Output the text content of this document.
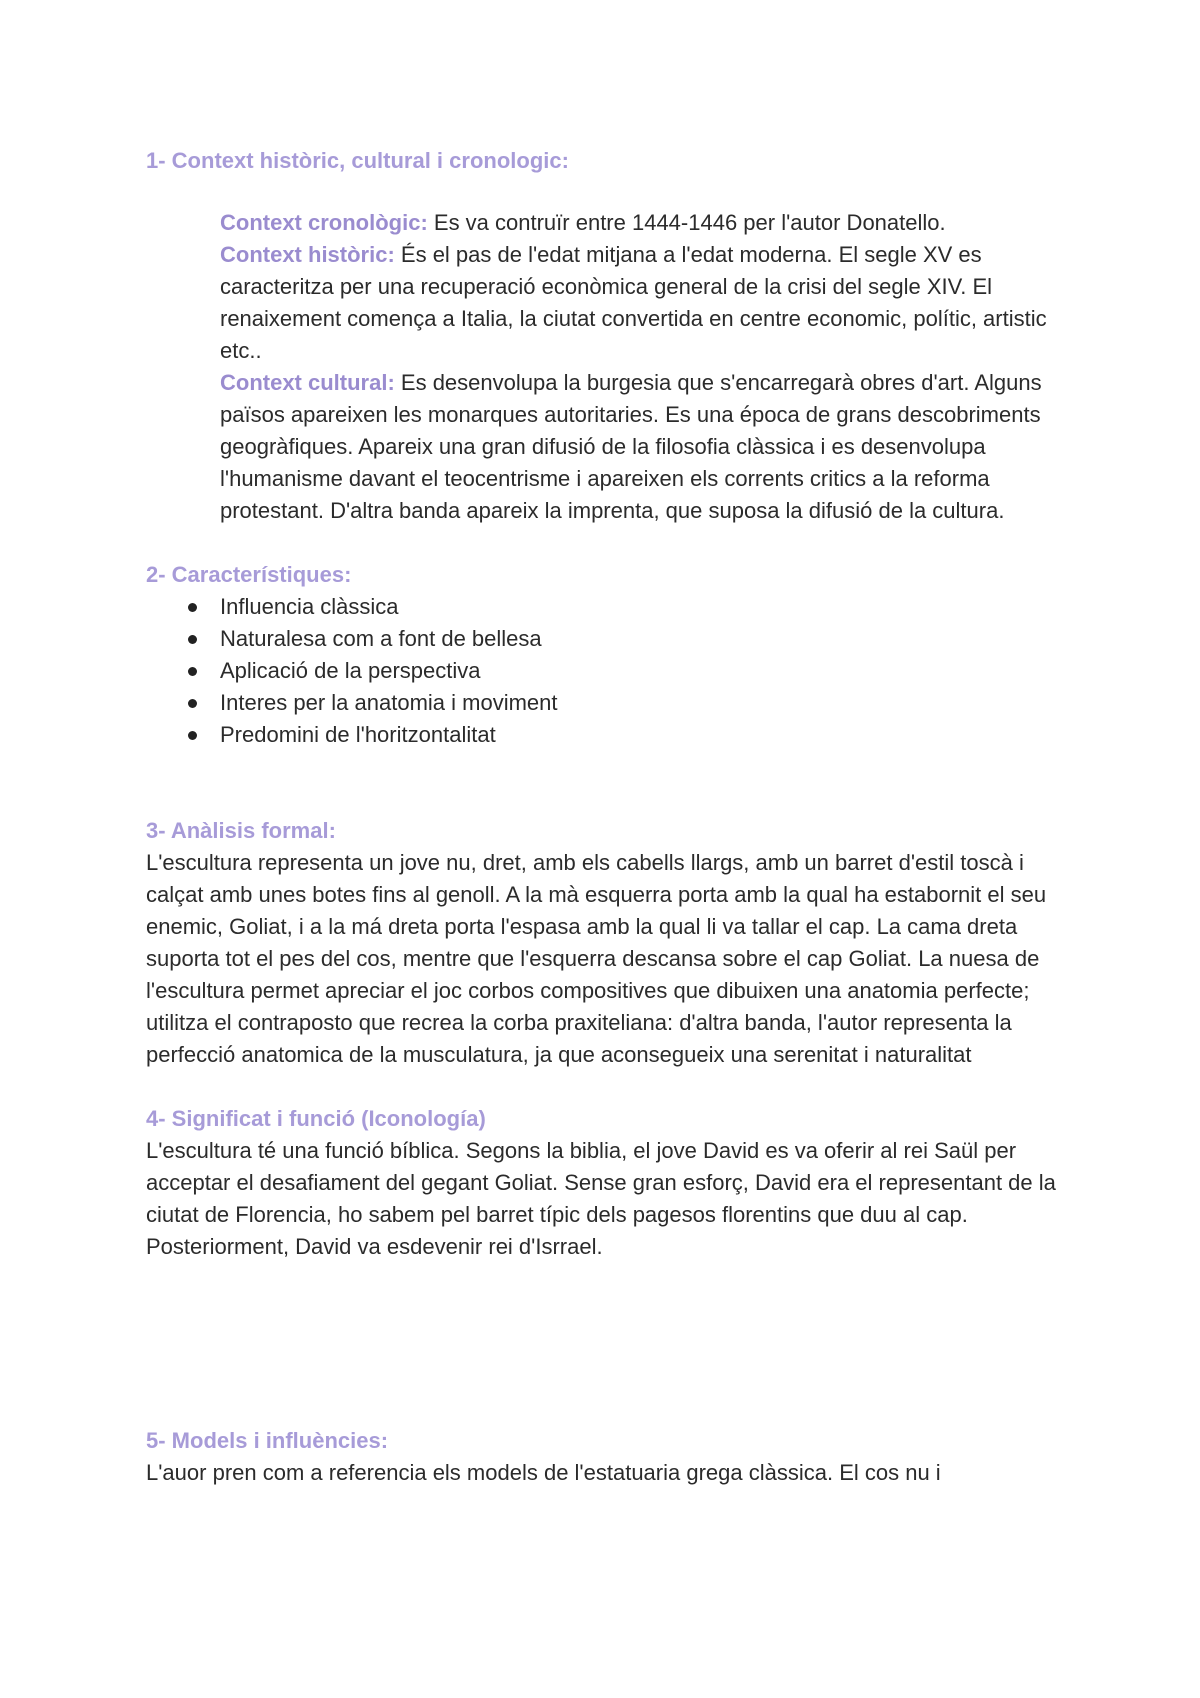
1- Context històric, cultural i cronologic:

Context cronològic: Es va contruïr entre 1444-1446 per l'autor Donatello.

Context històric: És el pas de l'edat mitjana a l'edat moderna. El segle XV es caracteritza per una recuperació econòmica general de la crisi del segle XIV. El renaixement comença a Italia, la ciutat convertida en centre economic, polític, artistic etc..

Context cultural: Es desenvolupa la burgesia que s'encarregarà obres d'art. Alguns països apareixen les monarques autoritaries. Es una época de grans descobriments geogràfiques. Apareix una gran difusió de la filosofia clàssica i es desenvolupa l'humanisme davant el teocentrisme i apareixen els corrents critics a la reforma protestant. D'altra banda apareix la imprenta, que suposa la difusió de la cultura.

2- Característiques:

Influencia clàssica
Naturalesa com a font de bellesa
Aplicació de la perspectiva
Interes per la anatomia i moviment
Predomini de l'horitzontalitat

3- Anàlisis formal:

L'escultura representa un jove nu, dret, amb els cabells llargs, amb un barret d'estil toscà i calçat amb unes botes fins al genoll. A la mà esquerra porta amb la qual ha estabornit el seu enemic, Goliat, i a la má dreta porta l'espasa amb la qual li va tallar el cap. La cama dreta suporta tot el pes del cos, mentre que l'esquerra descansa sobre el cap Goliat. La nuesa de l'escultura permet apreciar el joc corbos compositives que dibuixen una anatomia perfecte; utilitza el contraposto que recrea la corba praxiteliana: d'altra banda, l'autor representa la perfecció anatomica de la musculatura, ja que aconsegueix una serenitat i naturalitat

4- Significat i funció (Iconología)

L'escultura té una funció bíblica. Segons la biblia, el jove David es va oferir al rei Saül per acceptar el desafiament del gegant Goliat. Sense gran esforç, David era el representant de la ciutat de Florencia, ho sabem pel barret típic dels pagesos florentins que duu al cap. Posteriorment, David va esdevenir rei d'Isrrael.

5- Models i influències:

L'auor pren com a referencia els models de l'estatuaria grega clàssica. El cos nu i
